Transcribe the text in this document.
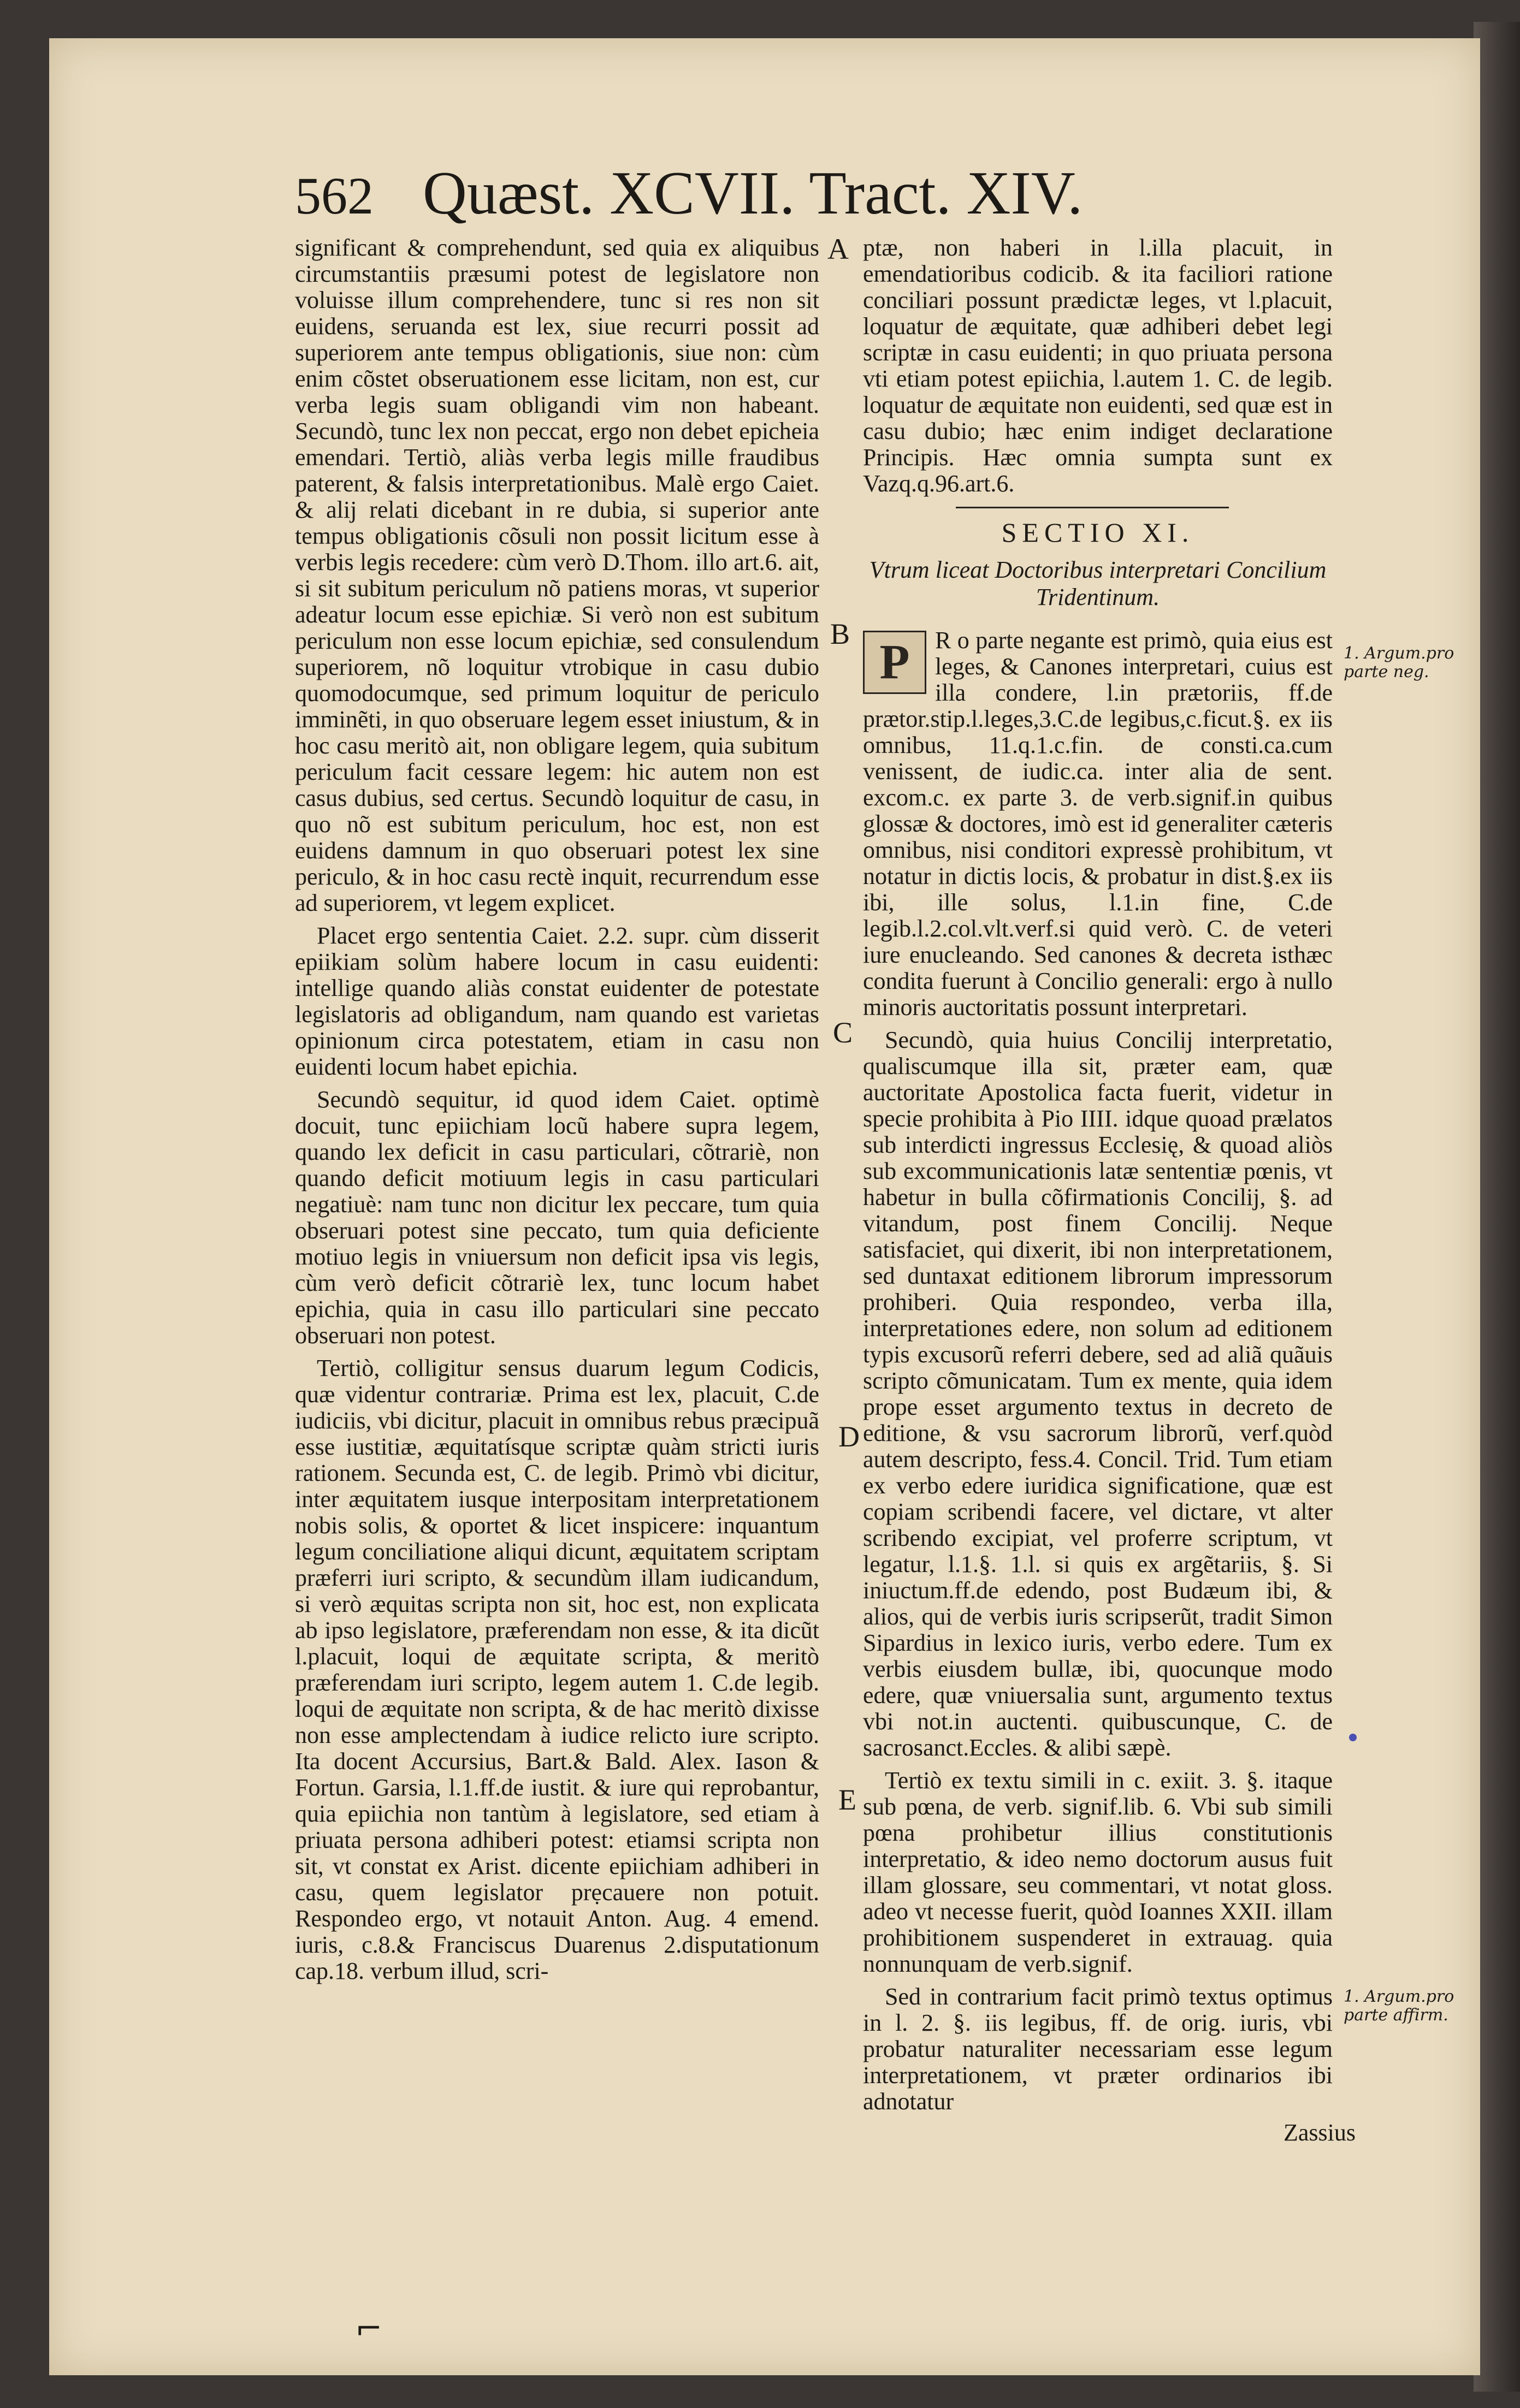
562 Quæst. XCVII. Tract. XIV.

significant & comprehendunt, sed quia ex aliquibus circumstantiis præsumi potest de legislatore non voluisse illum comprehendere, tunc si res non sit euidens, seruanda est lex, siue recurri possit ad superiorem ante tempus obligationis, siue non: cùm enim cõstet obseruationem esse licitam, non est, cur verba legis suam obligandi vim non habeant. Secundò, tunc lex non peccat, ergo non debet epicheia emendari. Tertiò, aliàs verba legis mille fraudibus paterent, & falsis interpretationibus. Malè ergo Caiet. & alij relati dicebant in re dubia, si superior ante tempus obligationis cõsuli non possit licitum esse à verbis legis recedere: cùm verò D.Thom. illo art.6. ait, si sit subitum periculum nõ patiens moras, vt superior adeatur locum esse epichiæ. Si verò non est subitum periculum non esse locum epichiæ, sed consulendum superiorem, nõ loquitur vtrobique in casu dubio quomodocumque, sed primum loquitur de periculo imminẽti, in quo obseruare legem esset iniustum, & in hoc casu meritò ait, non obligare legem, quia subitum periculum facit cessare legem: hic autem non est casus dubius, sed certus. Secundò loquitur de casu, in quo nõ est subitum periculum, hoc est, non est euidens damnum in quo obseruari potest lex sine periculo, & in hoc casu rectè inquit, recurrendum esse ad superiorem, vt legem explicet.

Placet ergo sententia Caiet. 2.2. supr. cùm disserit epiikiam solùm habere locum in casu euidenti: intellige quando aliàs constat euidenter de potestate legislatoris ad obligandum, nam quando est varietas opinionum circa potestatem, etiam in casu non euidenti locum habet epichia.

Secundò sequitur, id quod idem Caiet. optimè docuit, tunc epiichiam locũ habere supra legem, quando lex deficit in casu particulari, cõtrariè, non quando deficit motiuum legis in casu particulari negatiuè: nam tunc non dicitur lex peccare, tum quia obseruari potest sine peccato, tum quia deficiente motiuo legis in vniuersum non deficit ipsa vis legis, cùm verò deficit cõtrariè lex, tunc locum habet epichia, quia in casu illo particulari sine peccato obseruari non potest.

Tertiò, colligitur sensus duarum legum Codicis, quæ videntur contrariæ. Prima est lex, placuit, C.de iudiciis, vbi dicitur, placuit in omnibus rebus præcipuã esse iustitiæ, æquitatísque scriptæ quàm stricti iuris rationem. Secunda est, C. de legib. Primò vbi dicitur, inter æquitatem iusque interpositam interpretationem nobis solis, & oportet & licet inspicere: inquantum legum conciliatione aliqui dicunt, æquitatem scriptam præferri iuri scripto, & secundùm illam iudicandum, si verò æquitas scripta non sit, hoc est, non explicata ab ipso legislatore, præferendam non esse, & ita dicũt l.placuit, loqui de æquitate scripta, & meritò præferendam iuri scripto, legem autem 1. C.de legib. loqui de æquitate non scripta, & de hac meritò dixisse non esse amplectendam à iudice relicto iure scripto. Ita docent Accursius, Bart.& Bald. Alex. Iason & Fortun. Garsia, l.1.ff.de iustit. & iure qui reprobantur, quia epiichia non tantùm à legislatore, sed etiam à priuata persona adhiberi potest: etiamsi scripta non sit, vt constat ex Arist. dicente epiichiam adhiberi in casu, quem legislator prẹcauere non potuit. Respondeo ergo, vt notauit Anton. Aug. 4 emend. iuris, c.8.& Franciscus Duarenus 2.disputationum cap.18. verbum illud, scri-

A
B
C
D
E

ptæ, non haberi in l.illa placuit, in emendatioribus codicib. & ita faciliori ratione conciliari possunt prædictæ leges, vt l.placuit, loquatur de æquitate, quæ adhiberi debet legi scriptæ in casu euidenti; in quo priuata persona vti etiam potest epiichia, l.autem 1. C. de legib. loquatur de æquitate non euidenti, sed quæ est in casu dubio; hæc enim indiget declaratione Principis. Hæc omnia sumpta sunt ex Vazq.q.96.art.6.

SECTIO XI.
Vtrum liceat Doctoribus interpretari Concilium Tridentinum.

P	R o parte negante est primò, quia eius est leges, & Canones interpretari, cuius est illa condere, l.in prætoriis, ff.de prætor.stip.l.leges,3.C.de legibus,c.ficut.§. ex iis omnibus, 11.q.1.c.fin. de consti.ca.cum venissent, de iudic.ca. inter alia de sent. excom.c. ex parte 3. de verb.signif.in quibus glossæ & doctores, imò est id generaliter cæteris omnibus, nisi conditori expressè prohibitum, vt notatur in dictis locis, & probatur in dist.§.ex iis ibi, ille solus, l.1.in fine, C.de legib.l.2.col.vlt.verf.si quid verò. C. de veteri iure enucleando. Sed canones & decreta isthæc condita fuerunt à Concilio generali: ergo à nullo minoris auctoritatis possunt interpretari.

Secundò, quia huius Concilij interpretatio, qualiscumque illa sit, præter eam, quæ auctoritate Apostolica facta fuerit, videtur in specie prohibita à Pio IIII. idque quoad prælatos sub interdicti ingressus Ecclesię, & quoad aliòs sub excommunicationis latæ sententiæ pœnis, vt habetur in bulla cõfirmationis Concilij, §. ad vitandum, post finem Concilij. Neque satisfaciet, qui dixerit, ibi non interpretationem, sed duntaxat editionem librorum impressorum prohiberi. Quia respondeo, verba illa, interpretationes edere, non solum ad editionem typis excusorũ referri debere, sed ad aliã quãuis scripto cõmunicatam. Tum ex mente, quia idem prope esset argumento textus in decreto de editione, & vsu sacrorum librorũ, verf.quòd autem descripto, fess.4. Concil. Trid. Tum etiam ex verbo edere iuridica significatione, quæ est copiam scribendi facere, vel dictare, vt alter scribendo excipiat, vel proferre scriptum, vt legatur, l.1.§. 1.l. si quis ex argẽtariis, §. Si iniuctum.ff.de edendo, post Budæum ibi, & alios, qui de verbis iuris scripserũt, tradit Simon Sipardius in lexico iuris, verbo edere. Tum ex verbis eiusdem bullæ, ibi, quocunque modo edere, quæ vniuersalia sunt, argumento textus vbi not.in auctenti. quibuscunque, C. de sacrosanct.Eccles. & alibi sæpè.

Tertiò ex textu simili in c. exiit. 3. §. itaque sub pœna, de verb. signif.lib. 6. Vbi sub simili pœna prohibetur illius constitutionis interpretatio, & ideo nemo doctorum ausus fuit illam glossare, seu commentari, vt notat gloss. adeo vt necesse fuerit, quòd Ioannes XXII. illam prohibitionem suspenderet in extrauag. quia nonnunquam de verb.signif.

Sed in contrarium facit primò textus optimus in l. 2. §. iis legibus, ff. de orig. iuris, vbi probatur naturaliter necessariam esse legum interpretationem, vt præter ordinarios ibi adnotatur

1. Argum.pro parte neg.
1. Argum.pro parte affirm.
Zassius
⌐
